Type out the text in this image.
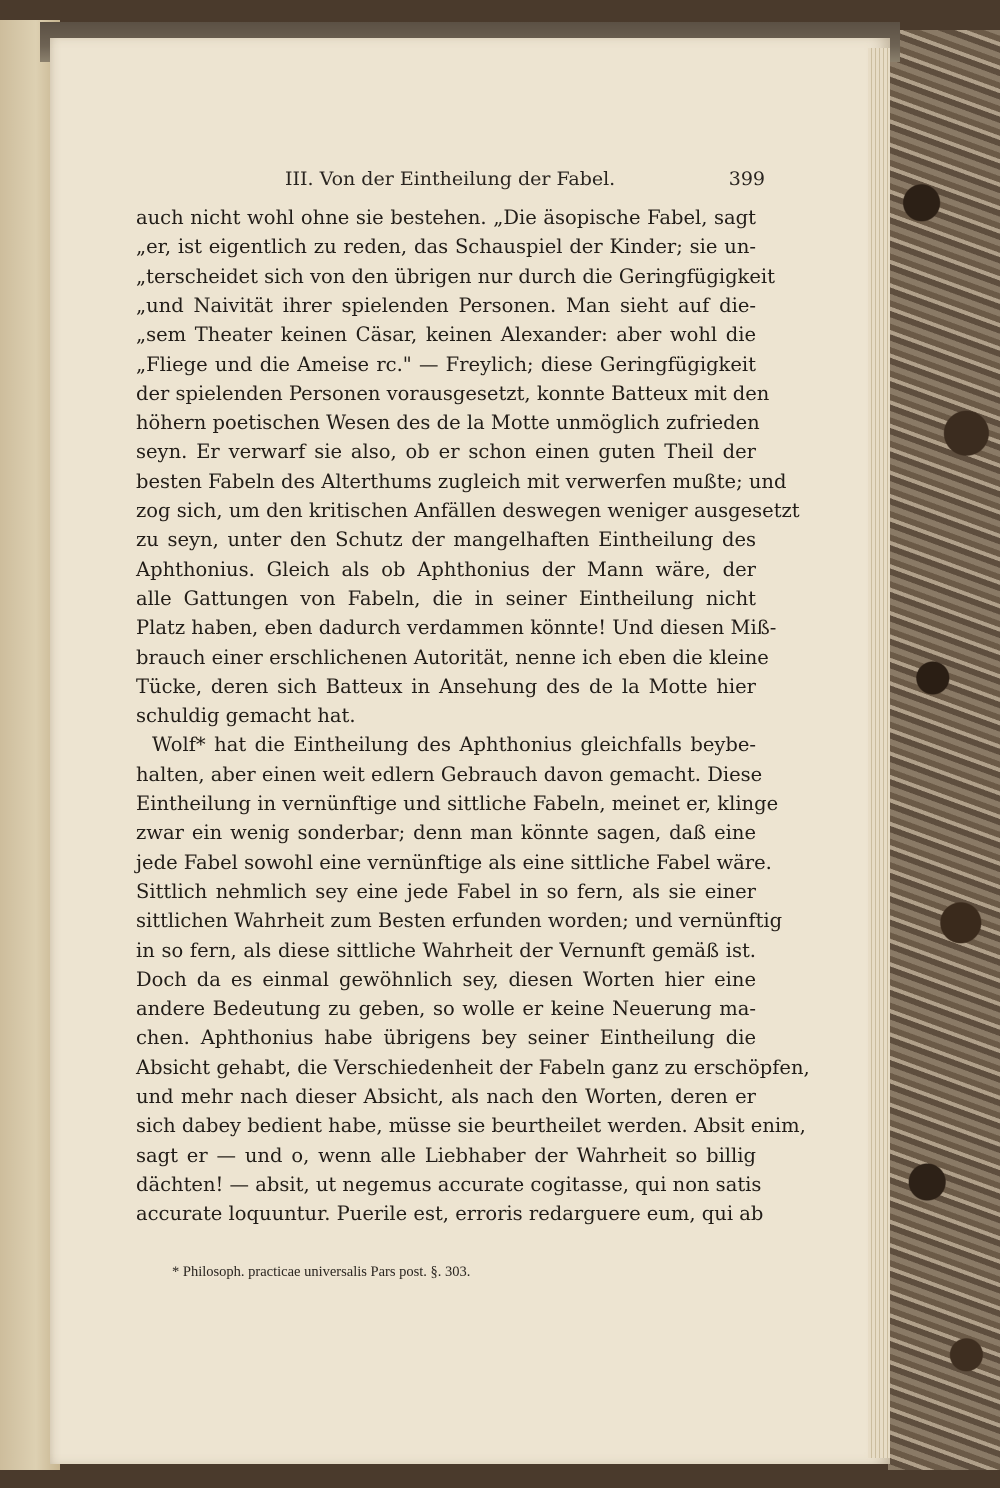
III. Von der Eintheilung der Fabel.	399
auch nicht wohl ohne sie bestehen. „Die äsopische Fabel, sagt
„er, ist eigentlich zu reden, das Schauspiel der Kinder; sie un-
„terscheidet sich von den übrigen nur durch die Geringfügigkeit
„und Naivität ihrer spielenden Personen. Man sieht auf die-
„sem Theater keinen Cäsar, keinen Alexander: aber wohl die
„Fliege und die Ameise rc." — Freylich; diese Geringfügigkeit
der spielenden Personen vorausgesetzt, konnte Batteux mit den
höhern poetischen Wesen des de la Motte unmöglich zufrieden
seyn. Er verwarf sie also, ob er schon einen guten Theil der
besten Fabeln des Alterthums zugleich mit verwerfen mußte; und
zog sich, um den kritischen Anfällen deswegen weniger ausgesetzt
zu seyn, unter den Schutz der mangelhaften Eintheilung des
Aphthonius. Gleich als ob Aphthonius der Mann wäre, der
alle Gattungen von Fabeln, die in seiner Eintheilung nicht
Platz haben, eben dadurch verdammen könnte! Und diesen Miß-
brauch einer erschlichenen Autorität, nenne ich eben die kleine
Tücke, deren sich Batteux in Ansehung des de la Motte hier
schuldig gemacht hat.
Wolf* hat die Eintheilung des Aphthonius gleichfalls beybe-
halten, aber einen weit edlern Gebrauch davon gemacht. Diese
Eintheilung in vernünftige und sittliche Fabeln, meinet er, klinge
zwar ein wenig sonderbar; denn man könnte sagen, daß eine
jede Fabel sowohl eine vernünftige als eine sittliche Fabel wäre.
Sittlich nehmlich sey eine jede Fabel in so fern, als sie einer
sittlichen Wahrheit zum Besten erfunden worden; und vernünftig
in so fern, als diese sittliche Wahrheit der Vernunft gemäß ist.
Doch da es einmal gewöhnlich sey, diesen Worten hier eine
andere Bedeutung zu geben, so wolle er keine Neuerung ma-
chen. Aphthonius habe übrigens bey seiner Eintheilung die
Absicht gehabt, die Verschiedenheit der Fabeln ganz zu erschöpfen,
und mehr nach dieser Absicht, als nach den Worten, deren er
sich dabey bedient habe, müsse sie beurtheilet werden. Absit enim,
sagt er — und o, wenn alle Liebhaber der Wahrheit so billig
dächten! — absit, ut negemus accurate cogitasse, qui non satis
accurate loquuntur. Puerile est, erroris redarguere eum, qui ab
* Philosoph. practicae universalis Pars post. §. 303.
